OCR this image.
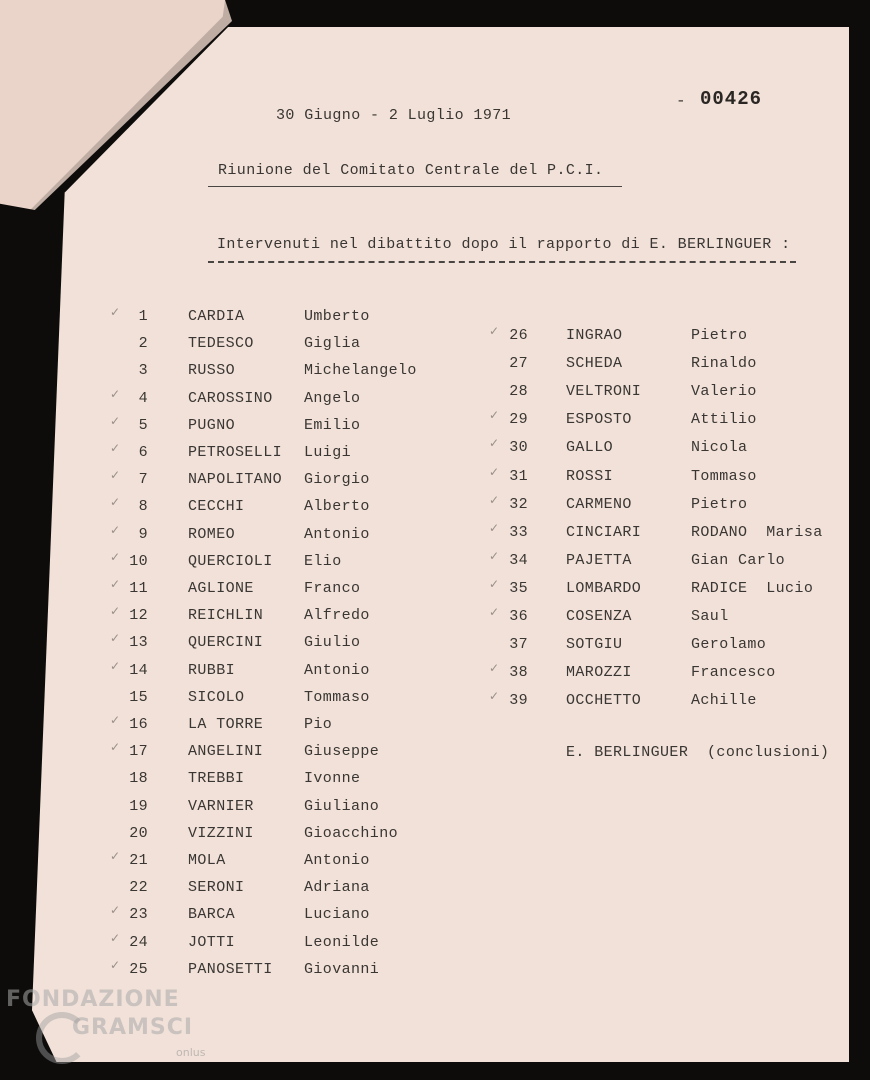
30 Giugno - 2 Luglio 1971
- 00426
Riunione del Comitato Centrale del P.C.I.
Intervenuti nel dibattito dopo il rapporto di E. BERLINGUER :
✓	1	CARDIA	Umberto
2	TEDESCO	Giglia
3	RUSSO	Michelangelo
✓	4	CAROSSINO Angelo
✓	5	PUGNO	Emilio
✓	6	PETROSELLI Luigi
✓	7	NAPOLITANO Giorgio
✓	8	CECCHI	Alberto
✓	9	ROMEO	Antonio
✓ 10	QUERCIOLI Elio
✓ 11	AGLIONE	Franco
✓ 12	REICHLIN	Alfredo
✓ 13	QUERCINI	Giulio
✓ 14	RUBBI	Antonio
15	SICOLO	Tommaso
✓ 16	LA TORRE	Pio
✓ 17	ANGELINI	Giuseppe
18	TREBBI	Ivonne
19	VARNIER	Giuliano
20	VIZZINI	Gioacchino
✓ 21	MOLA	Antonio
22	SERONI	Adriana
✓ 23	BARCA	Luciano
✓ 24	JOTTI	Leonilde
✓ 25	PANOSETTI Giovanni
✓ 26	INGRAO	Pietro
27	SCHEDA	Rinaldo
28	VELTRONI	Valerio
✓ 29	ESPOSTO	Attilio
✓ 30	GALLO	Nicola
✓ 31	ROSSI	Tommaso
✓ 32	CARMENO	Pietro
✓ 33	CINCIARI	RODANO  Marisa
✓ 34	PAJETTA	Gian Carlo
✓ 35	LOMBARDO	RADICE  Lucio
✓ 36	COSENZA	Saul
37	SOTGIU	Gerolamo
✓ 38	MAROZZI	Francesco
✓ 39	OCCHETTO	Achille
E. BERLINGUER  (conclusioni)
FONDAZIONE
GRAMSCI
onlus
